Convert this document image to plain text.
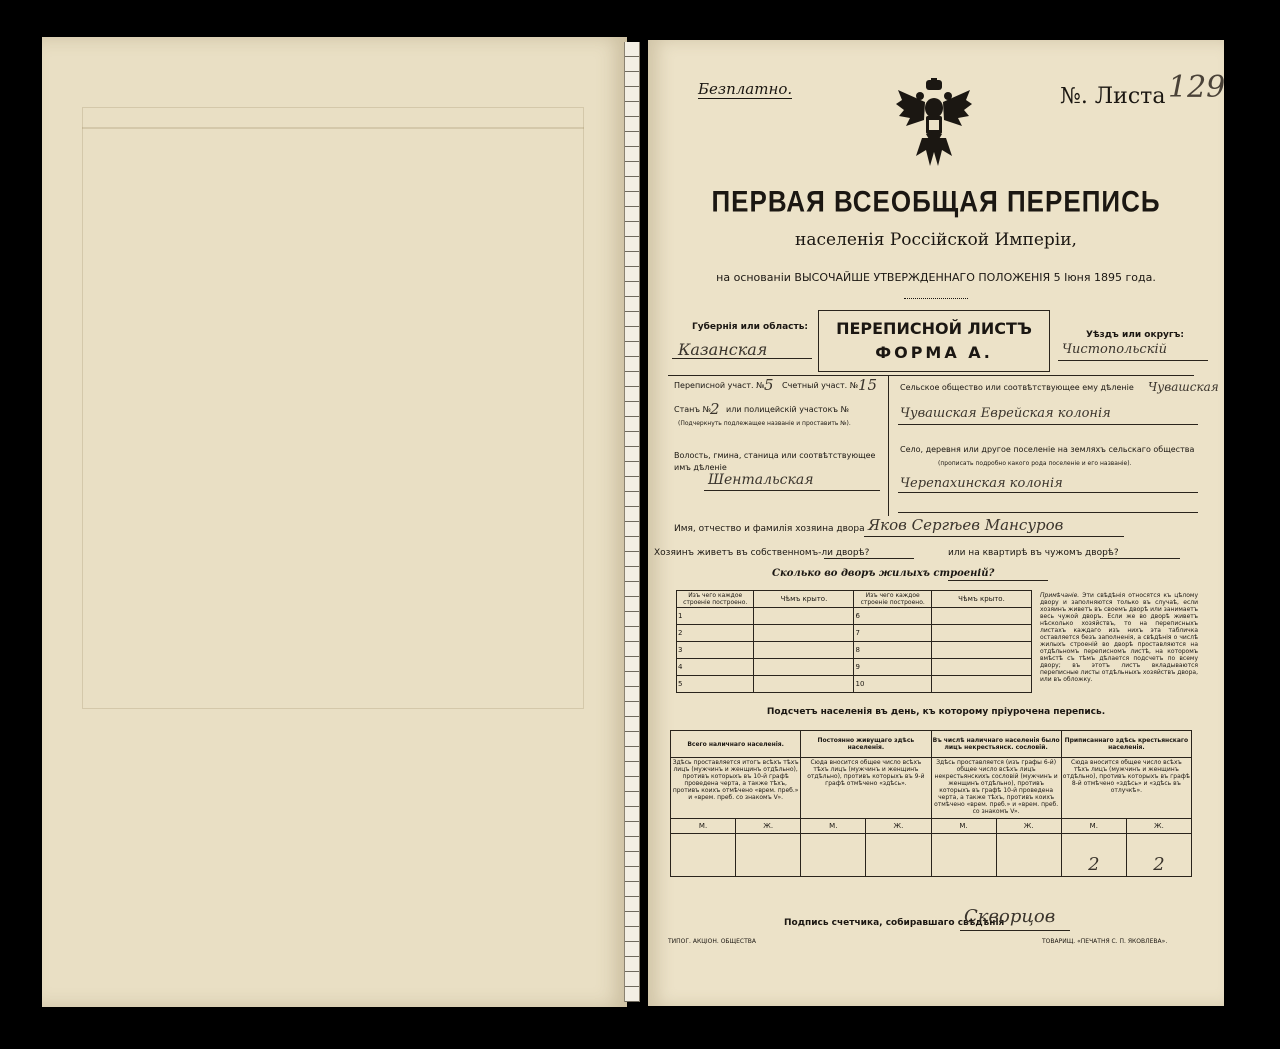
Безплатно.	№. Листа 129
ПЕРВАЯ ВСЕОБЩАЯ ПЕРЕПИСЬ
населенія Россійской Имперіи,
на основаніи ВЫСОЧАЙШЕ УТВЕРЖДЕННАГО ПОЛОЖЕНІЯ 5 Іюня 1895 года.
Губернія или область:
Казанская
ПЕРЕПИСНОЙ ЛИСТЪ
ФОРМА А.
Уѣздъ или округъ:
Чистопольскій
Переписной участ. № 5 Счетный участ. № 15
Станъ № 2 или полицейскій участокъ №
(Подчеркнуть подлежащее названіе и проставить №).
Волость, гмина, станица или соотвѣтствующее имъ дѣленіе
Шентальская
Сельское общество или соотвѣтствующее ему дѣленіе	Чувашская
Чувашская Еврейская колонія
Село, деревня или другое поселеніе на земляхъ сельскаго общества
(прописать подробно какого рода поселеніе и его названіе).
Черепахинская колонія
Имя, отчество и фамилія хозяина двора Яков Сергѣев Мансуров
Хозяинъ живетъ въ собственномъ-ли дворѣ?	или на квартирѣ въ чужомъ дворѣ?
Сколько во дворъ жилыхъ строеній?
Изъ чего каждое строеніе построено.	Чѣмъ крыто.	Изъ чего каждое строеніе построено.	Чѣмъ крыто.
1		6	
2		7	
3		8	
4		9	
5		10	
Примѣчаніе. Эти свѣдѣнія относятся къ цѣлому двору и заполняются только въ случаѣ, если хозяинъ живетъ въ своемъ дворѣ или занимаетъ весь чужой дворъ. Если же во дворѣ живетъ нѣсколько хозяйствъ, то на переписныхъ листахъ каждаго изъ нихъ эта табличка оставляется безъ заполненія, а свѣдѣнія о числѣ жилыхъ строеній во дворѣ проставляются на отдѣльномъ переписномъ листѣ, на которомъ вмѣстѣ съ тѣмъ дѣлается подсчетъ по всему двору; въ этотъ листъ вкладываются переписные листы отдѣльныхъ хозяйствъ двора, или въ обложку.
Подсчетъ населенія въ день, къ которому пріурочена перепись.
Всего наличнаго населенія.		Постоянно живущаго здѣсь населенія.		Въ числѣ наличнаго населенія было лицъ некрестьянск. сословій.		Приписаннаго здѣсь крестьянскаго населенія.	
Здѣсь проставляется итогъ всѣхъ тѣхъ лицъ (мужчинъ и женщинъ отдѣльно), противъ которыхъ въ 10-й графѣ проведена черта, а также тѣхъ, противъ коихъ отмѣчено «врем. преб.» и «врем. преб. со знакомъ V».		Сюда вносится общее число всѣхъ тѣхъ лицъ (мужчинъ и женщинъ отдѣльно), противъ которыхъ въ 9-й графѣ отмѣчено «здѣсь».		Здѣсь проставляется (изъ графы 6-й) общее число всѣхъ лицъ некрестьянскихъ сословій (мужчинъ и женщинъ отдѣльно), противъ которыхъ въ графѣ 10-й проведена черта, а также тѣхъ, противъ коихъ отмѣчено «врем. преб.» и «врем. преб. со знакомъ V».		Сюда вносится общее число всѣхъ тѣхъ лицъ (мужчинъ и женщинъ отдѣльно), противъ которыхъ въ графѣ 8-й отмѣчено «здѣсь» и «здѣсь въ отлучкѣ».	
М.	Ж.	М.	Ж.	М.	Ж.	М.	Ж.
						2	2
Подпись счетчика, собиравшаго свѣдѣнія
Скворцов
ТИПОГ. АКЦІОН. ОБЩЕСТВА	ТОВАРИЩ. «ПЕЧАТНЯ С. П. ЯКОВЛЕВА».
